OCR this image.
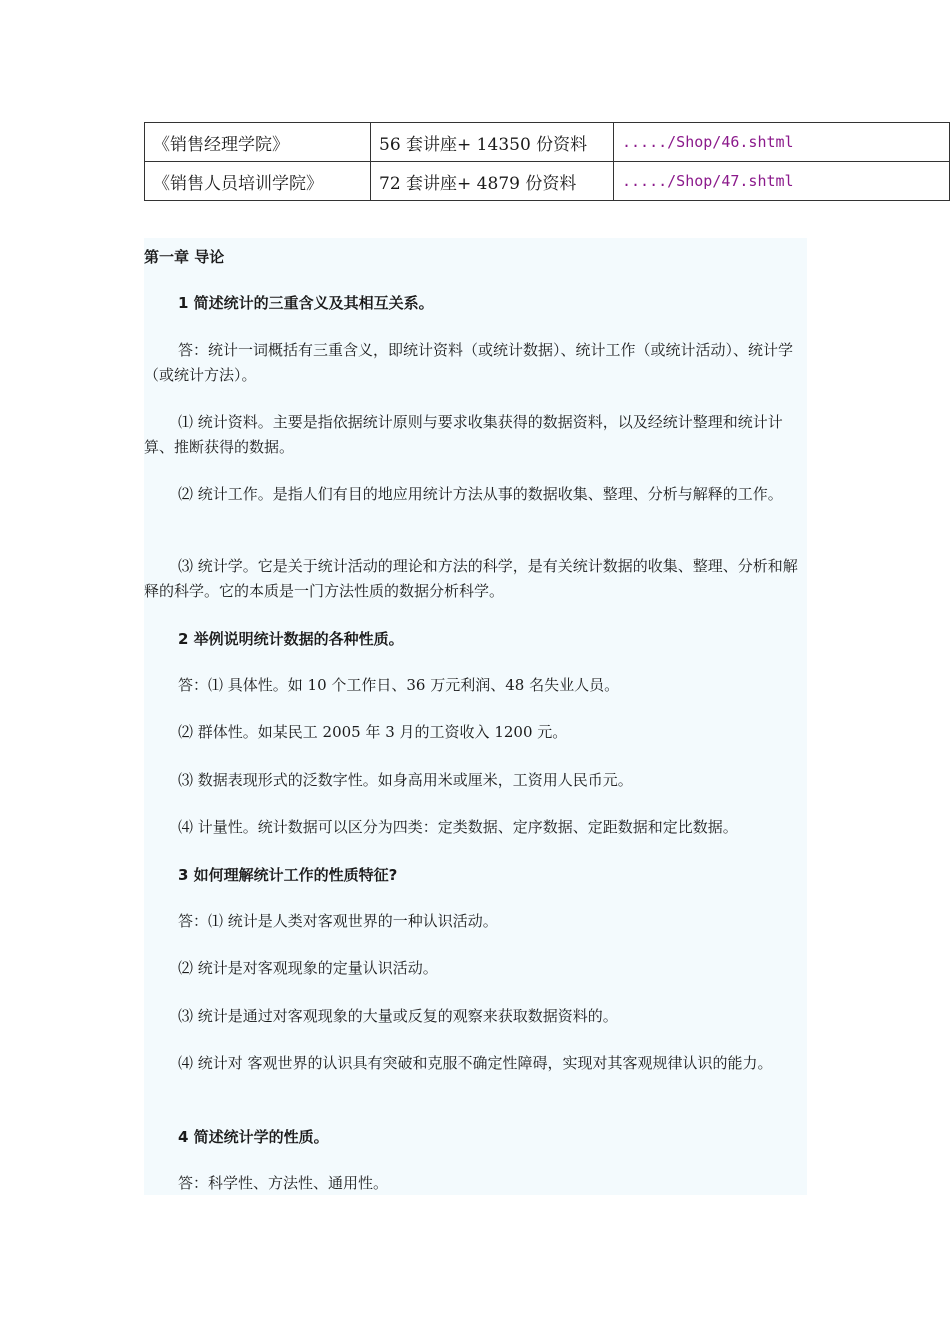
《销售经理学院》	56 套讲座+ 14350 份资料	...../Shop/46.shtml
《销售人员培训学院》	72 套讲座+ 4879 份资料	...../Shop/47.shtml

第一章 导论

1 简述统计的三重含义及其相互关系。

答：统计一词概括有三重含义，即统计资料（或统计数据）、统计工作（或统计活动）、统计学（或统计方法）。

⑴ 统计资料。主要是指依据统计原则与要求收集获得的数据资料，以及经统计整理和统计计算、推断获得的数据。

⑵ 统计工作。是指人们有目的地应用统计方法从事的数据收集、整理、分析与解释的工作。

⑶ 统计学。它是关于统计活动的理论和方法的科学，是有关统计数据的收集、整理、分析和解释的科学。它的本质是一门方法性质的数据分析科学。

2 举例说明统计数据的各种性质。

答：⑴ 具体性。如 10 个工作日、36 万元利润、48 名失业人员。

⑵ 群体性。如某民工 2005 年 3 月的工资收入 1200 元。

⑶ 数据表现形式的泛数字性。如身高用米或厘米，工资用人民币元。

⑷ 计量性。统计数据可以区分为四类：定类数据、定序数据、定距数据和定比数据。

3 如何理解统计工作的性质特征?

答：⑴ 统计是人类对客观世界的一种认识活动。

⑵ 统计是对客观现象的定量认识活动。

⑶ 统计是通过对客观现象的大量或反复的观察来获取数据资料的。

⑷ 统计对 客观世界的认识具有突破和克服不确定性障碍，实现对其客观规律认识的能力。

4 简述统计学的性质。

答：科学性、方法性、通用性。
